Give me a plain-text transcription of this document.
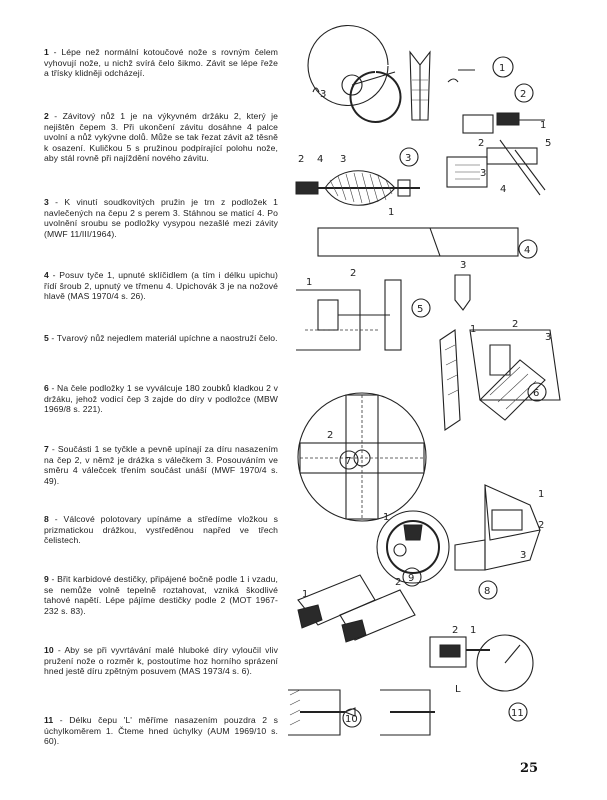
1 - Lépe než normální kotoučové nože s rovným čelem vyhovují nože, u nichž svírá čelo šikmo. Závit se lépe řeže a třísky klidněji odcházejí.
2 - Závitový nůž 1 je na výkyvném držáku 2, který je nejištěn čepem 3. Při ukončení závitu dosáhne 4 palce uvolní a nůž vykývne dolů. Může se tak řezat závit až těsně k osazení. Kuličkou 5 s pružinou podpírající polohu nože, aby stál rovně při najíždění nového závitu.
3 - K vinutí soudkovitých pružin je trn z podložek 1 navlečených na čepu 2 s perem 3. Stáhnou se maticí 4. Po uvolnění sroubu se podložky vysypou nezašlé mezi závity (MWF 11/III/1964).
4 - Posuv tyče 1, upnuté sklíčidlem (a tím i délku upichu) řídí šroub 2, upnutý ve třmenu 4. Upichovák 3 je na nožové hlavě (MAS 1970/4 s. 26).
5 - Tvarový nůž nejedlem materiál upíchne a naostruží čelo.
6 - Na čele podložky 1 se vyválcuje 180 zoubků kladkou 2 v držáku, jehož vodicí čep 3 zajde do díry v podložce (MBW 1969/8 s. 221).
7 - Součásti 1 se tyčkle a pevně upínají za díru nasazením na čep 2, v němž je drážka s válečkem 3. Posouváním ve směru 4 válečcek třením součást unáší (MWF 1970/4 s. 49).
8 - Válcové polotovary upínáme a středíme vložkou s prizmatickou drážkou, vystředěnou napřed ve třech čelistech.
9 - Břit karbidové destičky, připájené bočně podle 1 i vzadu, se nemůže volně tepelně roztahovat, vzniká škodlivé tahové napětí. Lépe pájíme destičky podle 2 (MOT 1967-232 s. 83).
10 - Aby se při vyvrtávání malé hluboké díry vyloučil vliv pružení nože o rozměr k, postoutíme hoz horního sprázení hned jestě díru zpětným posuvem (MAS 1973/4 s. 6).
11 - Délku čepu 'L' měříme nasazením pouzdra 2 s úchylkoměrem 1. Čteme hned úchylky (AUM 1969/10 s. 60).
1
3	2
1
2	5
3
4
2 4 3	3
1
4
1
2
3
5
1	2
3
6
7
2
1
2
3
8
9
1
1
2
2 1
L
11
10
25
